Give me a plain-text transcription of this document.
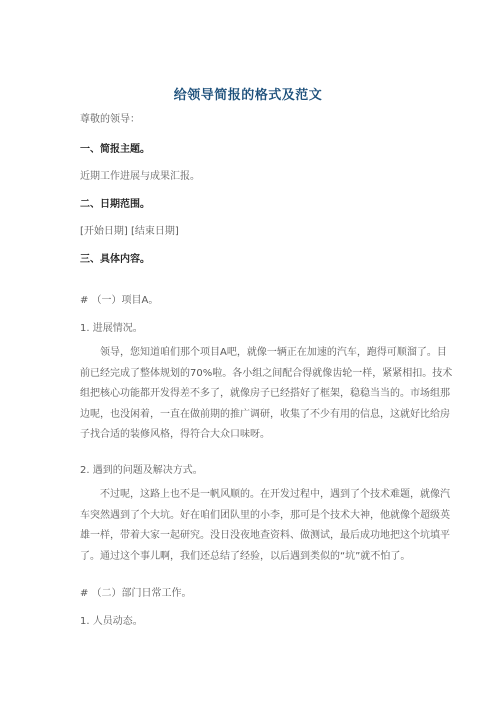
给领导简报的格式及范文
尊敬的领导：
一、简报主题。
近期工作进展与成果汇报。
二、日期范围。
[开始日期] [结束日期]
三、具体内容。
# （一）项目A。
1. 进展情况。
领导，您知道咱们那个项目A吧，就像一辆正在加速的汽车，跑得可顺溜了。目
前已经完成了整体规划的70%啦。各小组之间配合得就像齿轮一样，紧紧相扣。技术
组把核心功能都开发得差不多了，就像房子已经搭好了框架，稳稳当当的。市场组那
边呢，也没闲着，一直在做前期的推广调研，收集了不少有用的信息，这就好比给房
子找合适的装修风格，得符合大众口味呀。
2. 遇到的问题及解决方式。
不过呢，这路上也不是一帆风顺的。在开发过程中，遇到了个技术难题，就像汽
车突然遇到了个大坑。好在咱们团队里的小李，那可是个技术大神，他就像个超级英
雄一样，带着大家一起研究。没日没夜地查资料、做测试，最后成功地把这个坑填平
了。通过这个事儿啊，我们还总结了经验，以后遇到类似的“坑”就不怕了。
# （二）部门日常工作。
1. 人员动态。
